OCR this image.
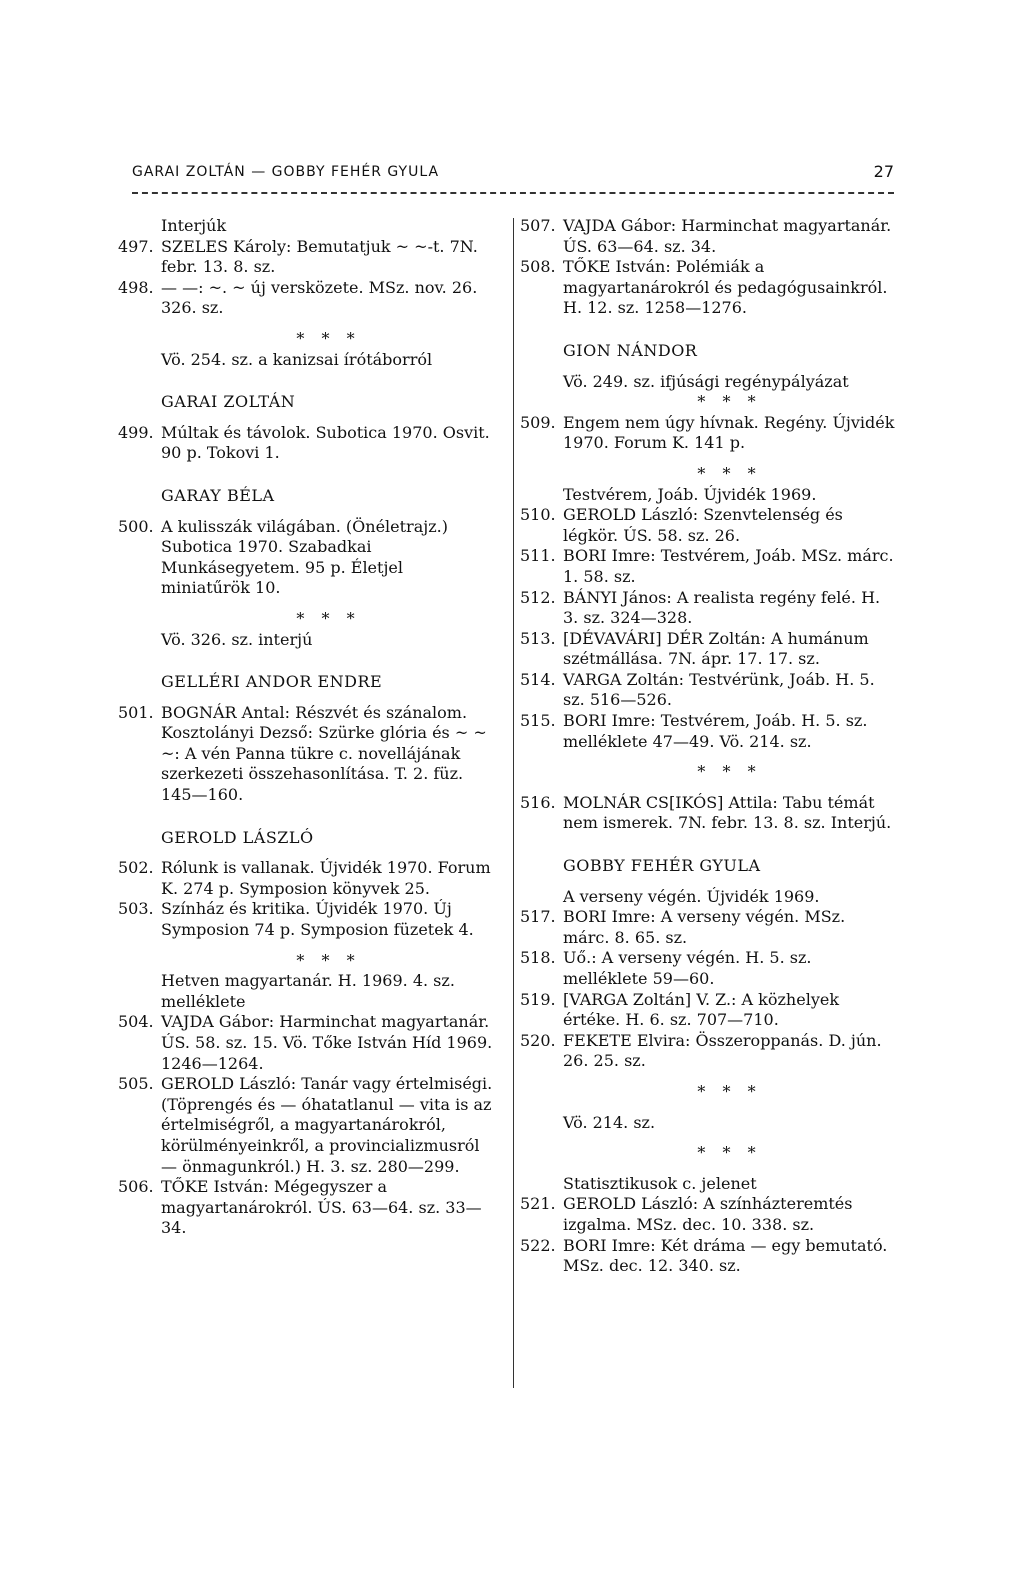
GARAI ZOLTÁN — GOBBY FEHÉR GYULA	27
Interjúk
497. SZELES Károly: Bemutatjuk ~ ~-t. 7N. febr. 13. 8. sz.
498. — —: ~. ~ új versközete. MSz. nov. 26. 326. sz.
* * *
Vö. 254. sz. a kanizsai írótáborról
GARAI ZOLTÁN
499. Múltak és távolok. Subotica 1970. Osvit. 90 p. Tokovi 1.
GARAY BÉLA
500. A kulisszák világában. (Önéletrajz.) Subotica 1970. Szabadkai Munkásegyetem. 95 p. Életjel miniatűrök 10.
* * *
Vö. 326. sz. interjú
GELLÉRI ANDOR ENDRE
501. BOGNÁR Antal: Részvét és szánalom. Kosztolányi Dezső: Szürke glória és ~ ~ ~: A vén Panna tükre c. novellájának szerkezeti összehasonlítása. T. 2. füz. 145—160.
GEROLD LÁSZLÓ
502. Rólunk is vallanak. Újvidék 1970. Forum K. 274 p. Symposion könyvek 25.
503. Színház és kritika. Újvidék 1970. Új Symposion 74 p. Symposion füzetek 4.
* * *
Hetven magyartanár. H. 1969. 4. sz. melléklete
504. VAJDA Gábor: Harminchat magyartanár. ÚS. 58. sz. 15. Vö. Tőke István Híd 1969. 1246—1264.
505. GEROLD László: Tanár vagy értelmiségi. (Töprengés és — óhatatlanul — vita is az értelmiségről, a magyartanárokról, körülményeinkről, a provincializmusról — önmagunkról.) H. 3. sz. 280—299.
506. TŐKE István: Mégegyszer a magyartanárokról. ÚS. 63—64. sz. 33—34.
507. VAJDA Gábor: Harminchat magyartanár. ÚS. 63—64. sz. 34.
508. TŐKE István: Polémiák a magyartanárokról és pedagógusainkról. H. 12. sz. 1258—1276.
GION NÁNDOR
Vö. 249. sz. ifjúsági regénypályázat
* * *
509. Engem nem úgy hívnak. Regény. Újvidék 1970. Forum K. 141 p.
* * *
Testvérem, Joáb. Újvidék 1969.
510. GEROLD László: Szenvtelenség és légkör. ÚS. 58. sz. 26.
511. BORI Imre: Testvérem, Joáb. MSz. márc. 1. 58. sz.
512. BÁNYI János: A realista regény felé. H. 3. sz. 324—328.
513. [DÉVAVÁRI] DÉR Zoltán: A humánum szétmállása. 7N. ápr. 17. 17. sz.
514. VARGA Zoltán: Testvérünk, Joáb. H. 5. sz. 516—526.
515. BORI Imre: Testvérem, Joáb. H. 5. sz. melléklete 47—49. Vö. 214. sz.
* * *
516. MOLNÁR CS[IKÓS] Attila: Tabu témát nem ismerek. 7N. febr. 13. 8. sz. Interjú.
GOBBY FEHÉR GYULA
A verseny végén. Újvidék 1969.
517. BORI Imre: A verseny végén. MSz. márc. 8. 65. sz.
518. Uő.: A verseny végén. H. 5. sz. melléklete 59—60.
519. [VARGA Zoltán] V. Z.: A közhelyek értéke. H. 6. sz. 707—710.
520. FEKETE Elvira: Összeroppanás. D. jún. 26. 25. sz.
* * *
Vö. 214. sz.
* * *
Statisztikusok c. jelenet
521. GEROLD László: A színházteremtés izgalma. MSz. dec. 10. 338. sz.
522. BORI Imre: Két dráma — egy bemutató. MSz. dec. 12. 340. sz.
